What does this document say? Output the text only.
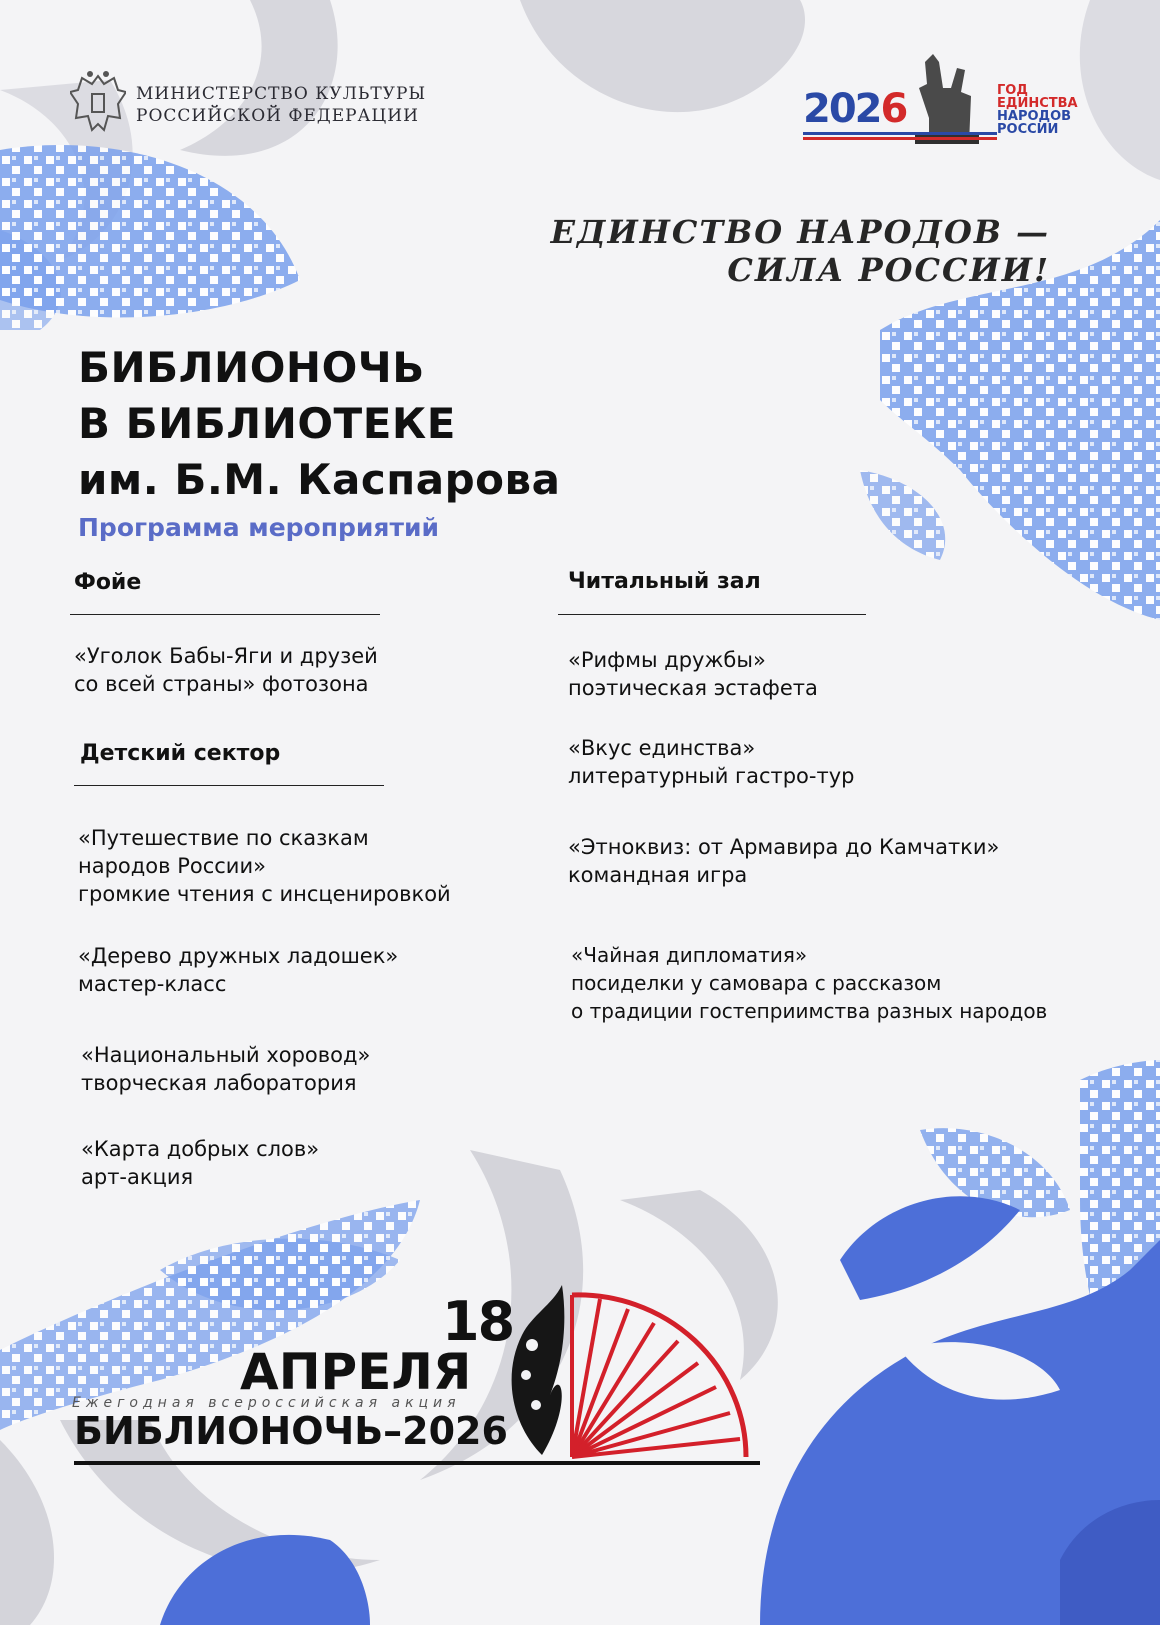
МИНИСТЕРСТВО КУЛЬТУРЫ
РОССИЙСКОЙ ФЕДЕРАЦИИ	2026	ГОД
ЕДИНСТВА
НАРОДОВ
РОССИИ
ЕДИНСТВО НАРОДОВ —
СИЛА РОССИИ!
БИБЛИОНОЧЬ
В БИБЛИОТЕКЕ
им. Б.М. Каспарова
Программа мероприятий
Фойе
«Уголок Бабы-Яги и друзей
со всей страны» фотозона
Детский сектор
«Путешествие по сказкам
народов России»
громкие чтения с инсценировкой
«Дерево дружных ладошек»
мастер-класс
«Национальный хоровод»
творческая лаборатория
«Карта добрых слов»
арт-акция
Читальный зал
«Рифмы дружбы»
поэтическая эстафета
«Вкус единства»
литературный гастро-тур
«Этноквиз: от Армавира до Камчатки»
командная игра
«Чайная дипломатия»
посиделки у самовара с рассказом
о традиции гостеприимства разных народов
18
АПРЕЛЯ
Ежегодная всероссийская акция
БИБЛИОНОЧЬ–2026
